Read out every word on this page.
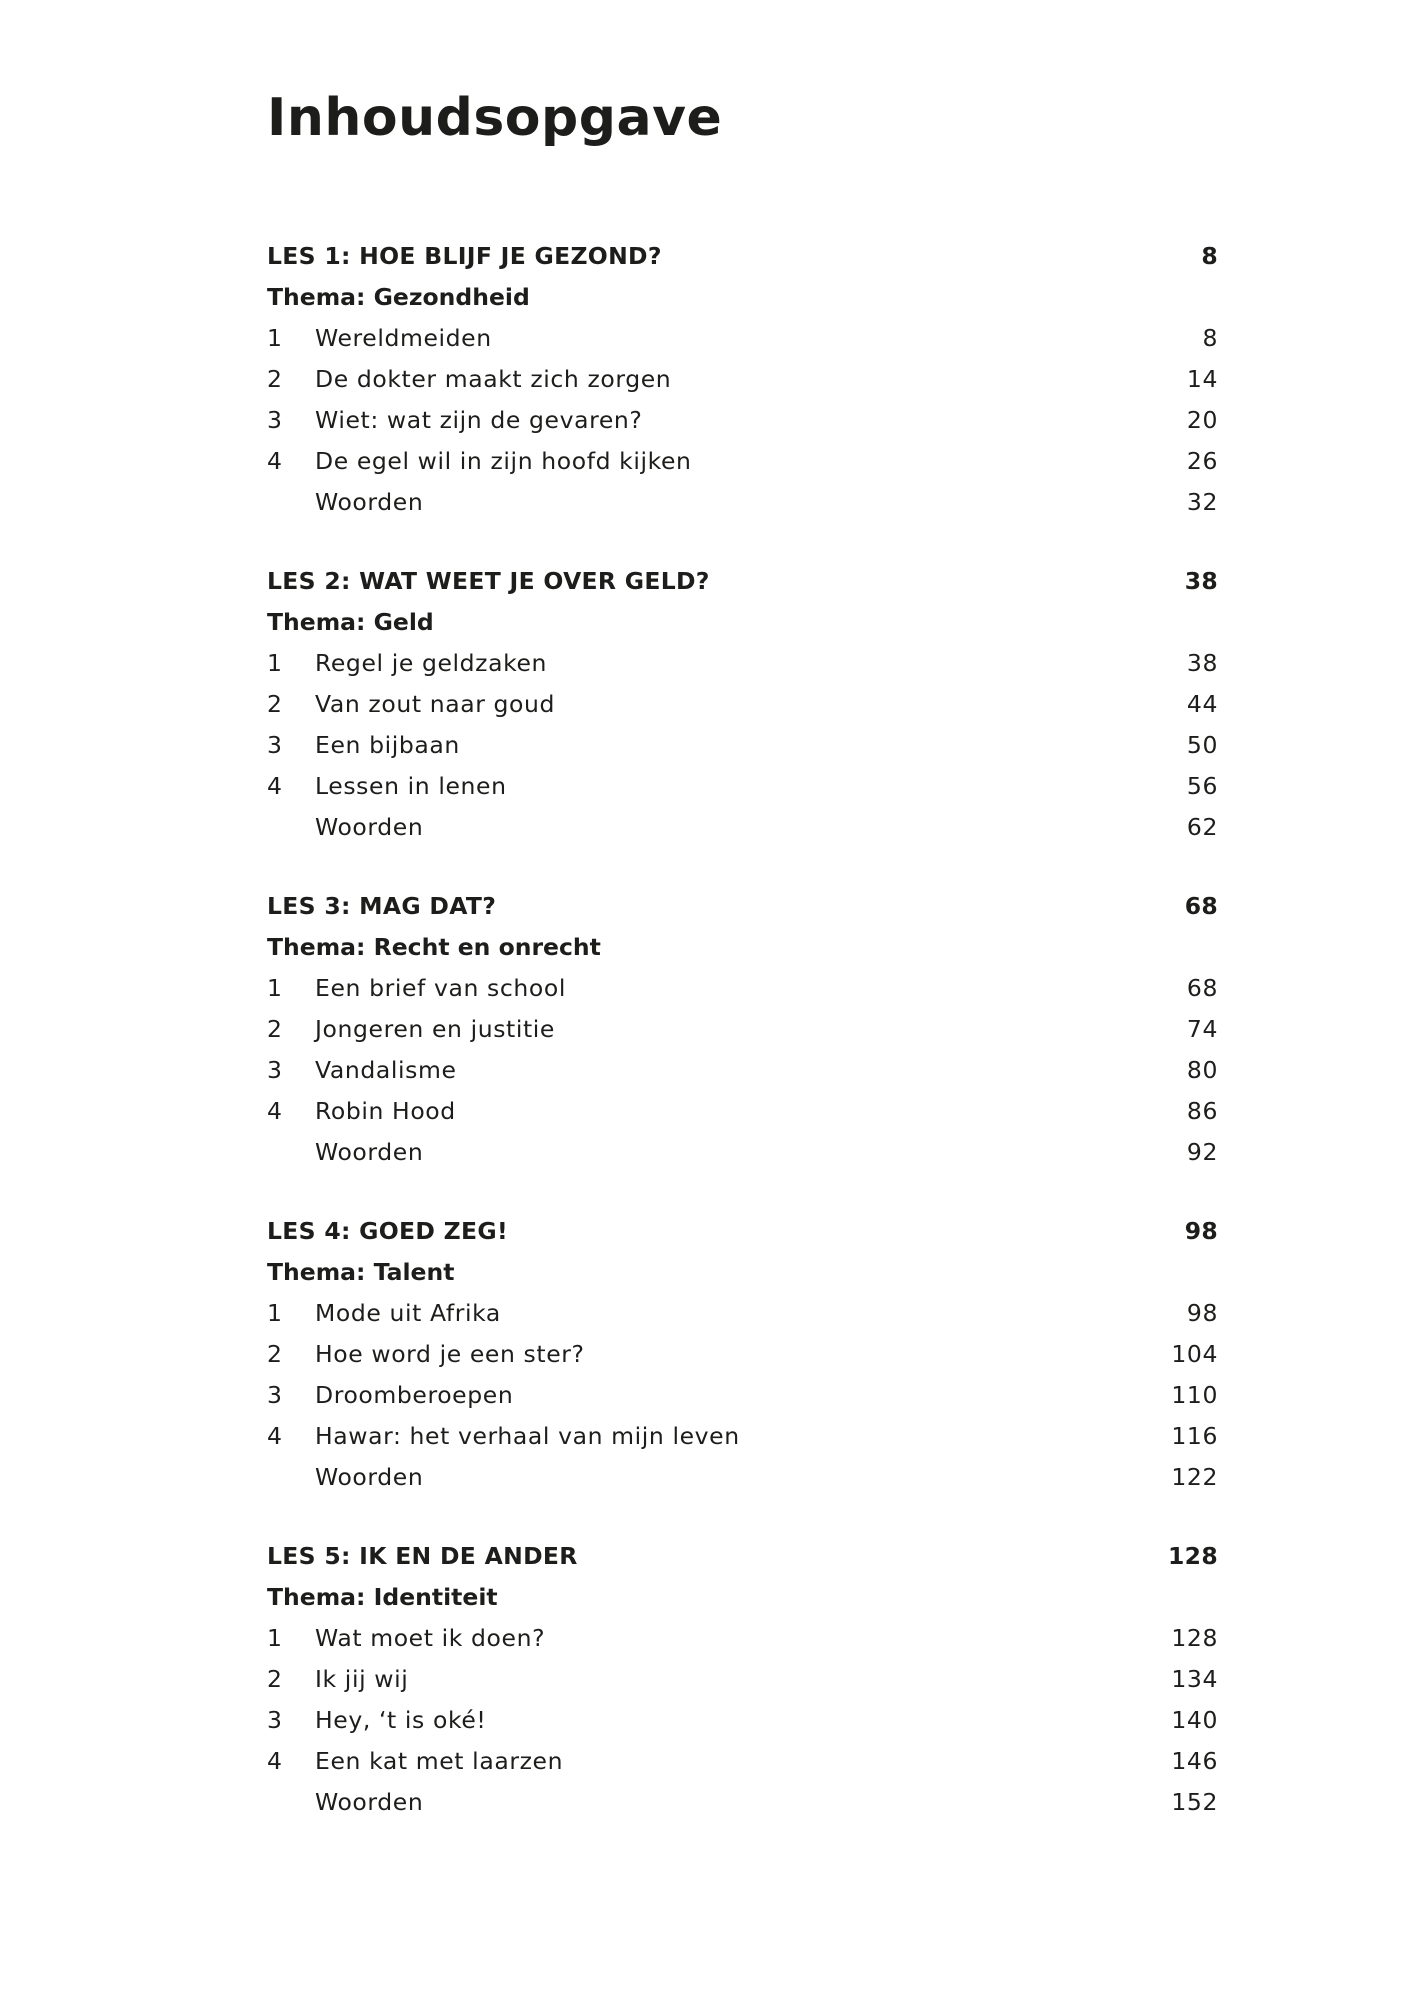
Inhoudsopgave
LES 1: HOE BLIJF JE GEZOND?	8
Thema: Gezondheid
1	Wereldmeiden	8
2	De dokter maakt zich zorgen	14
3	Wiet: wat zijn de gevaren?	20
4	De egel wil in zijn hoofd kijken	26
Woorden	32
LES 2: WAT WEET JE OVER GELD?	38
Thema: Geld
1	Regel je geldzaken	38
2	Van zout naar goud	44
3	Een bijbaan	50
4	Lessen in lenen	56
Woorden	62
LES 3: MAG DAT?	68
Thema: Recht en onrecht
1	Een brief van school	68
2	Jongeren en justitie	74
3	Vandalisme	80
4	Robin Hood	86
Woorden	92
LES 4: GOED ZEG!	98
Thema: Talent
1	Mode uit Afrika	98
2	Hoe word je een ster?	104
3	Droomberoepen	110
4	Hawar: het verhaal van mijn leven	116
Woorden	122
LES 5: IK EN DE ANDER	128
Thema: Identiteit
1	Wat moet ik doen?	128
2	Ik jij wij	134
3	Hey, ‘t is oké!	140
4	Een kat met laarzen	146
Woorden	152
